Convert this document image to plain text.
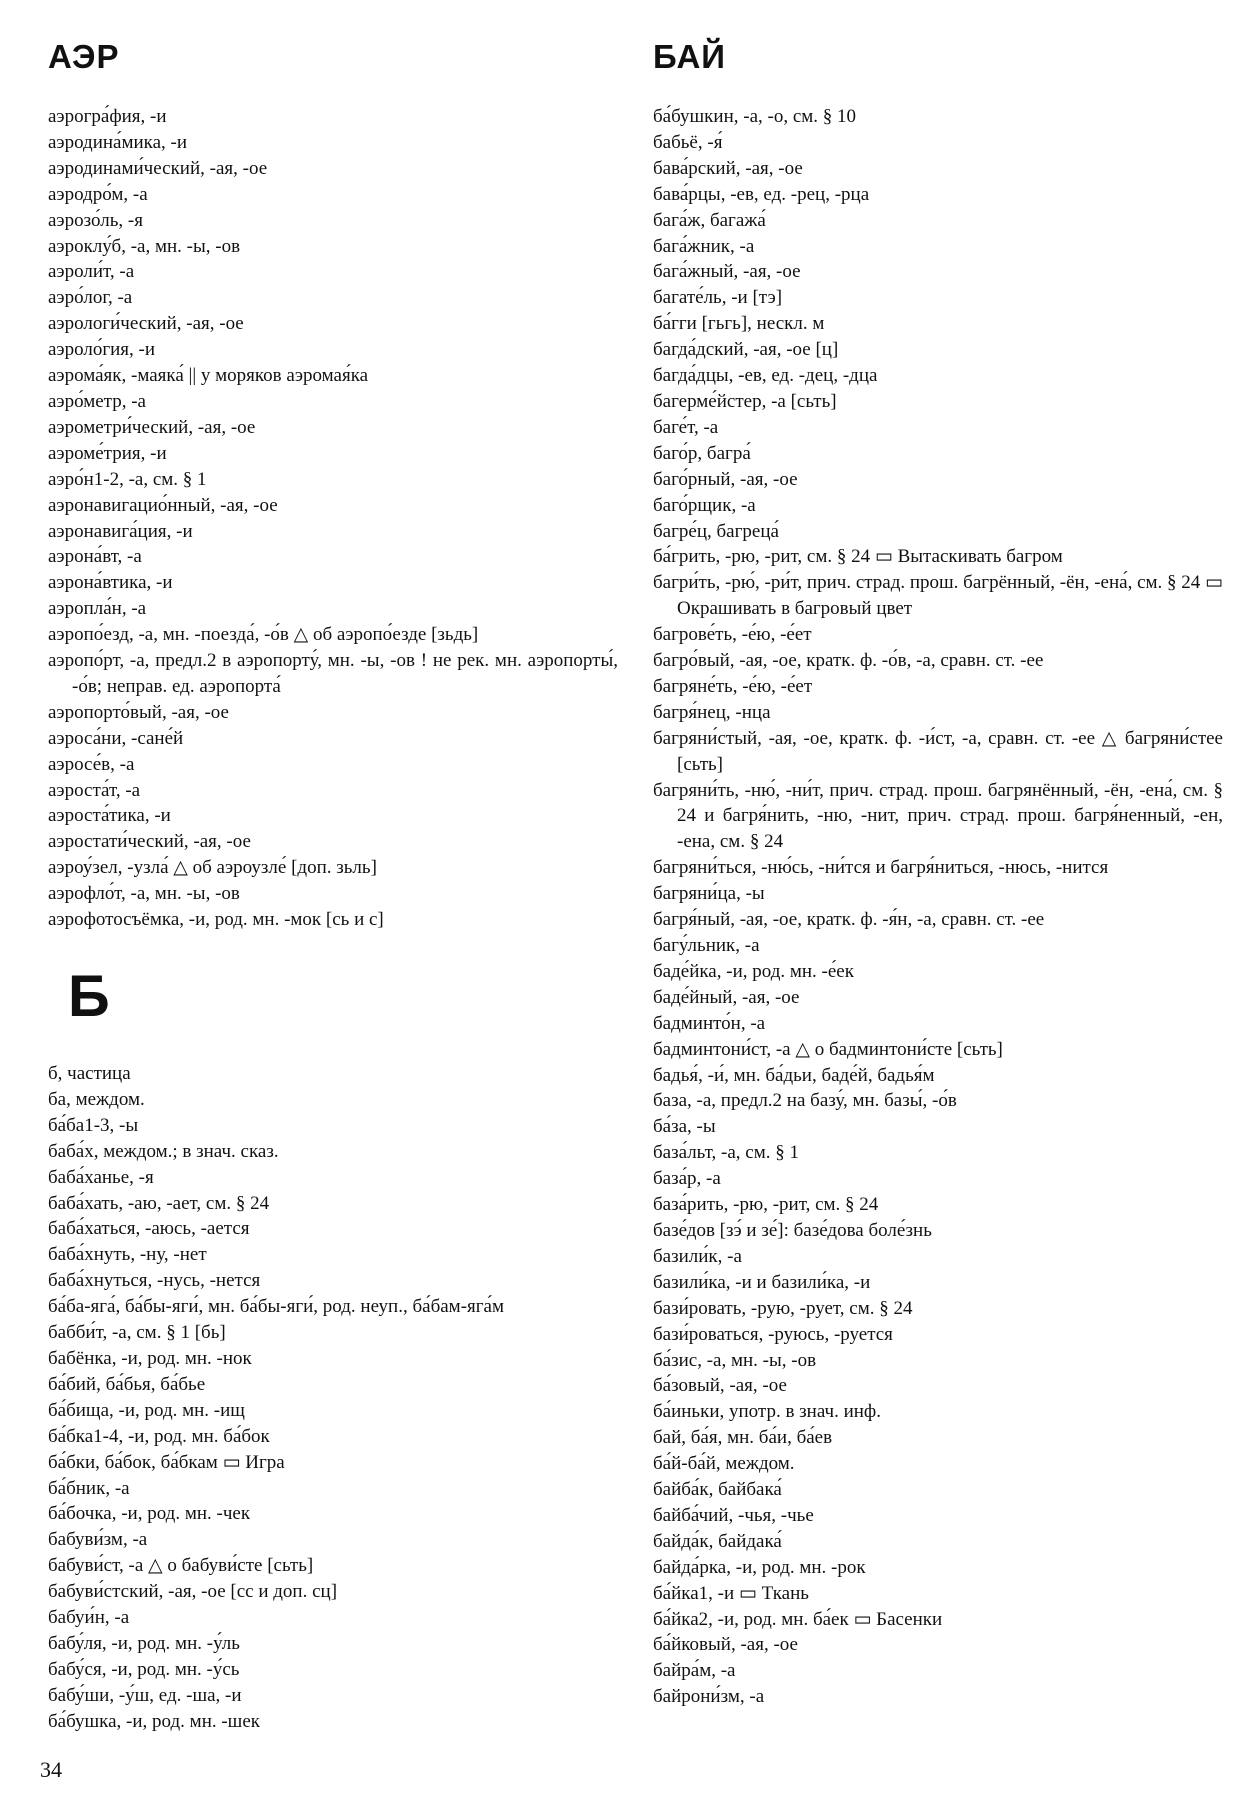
АЭР
аэрогра́фия, -и
аэродина́мика, -и
аэродинами́ческий, -ая, -ое
аэродро́м, -а
аэрозо́ль, -я
аэроклу́б, -а, мн. -ы, -ов
аэроли́т, -а
аэро́лог, -а
аэрологи́ческий, -ая, -ое
аэроло́гия, -и
аэрома́як, -маяка́ || у моряков аэромая́ка
аэро́метр, -а
аэрометри́ческий, -ая, -ое
аэроме́трия, -и
аэро́н1-2, -а, см. § 1
аэронавигацио́нный, -ая, -ое
аэронавига́ция, -и
аэрона́вт, -а
аэрона́втика, -и
аэропла́н, -а
аэропо́езд, -а, мн. -поезда́, -о́в △ об аэропо́езде [зьдь]
аэропо́рт, -а, предл.2 в аэропорту́, мн. -ы, -ов ! не рек. мн. аэропорты́, -о́в; неправ. ед. аэропорта́
аэропорто́вый, -ая, -ое
аэроса́ни, -сане́й
аэросе́в, -а
аэроста́т, -а
аэроста́тика, -и
аэростати́ческий, -ая, -ое
аэроу́зел, -узла́ △ об аэроузле́ [доп. зьль]
аэрофло́т, -а, мн. -ы, -ов
аэрофотосъёмка, -и, род. мн. -мок [сь и с]
Б
б, частица
ба, междом.
ба́ба1-3, -ы
баба́х, междом.; в знач. сказ.
баба́ханье, -я
баба́хать, -аю, -ает, см. § 24
баба́хаться, -аюсь, -ается
баба́хнуть, -ну, -нет
баба́хнуться, -нусь, -нется
ба́ба-яга́, ба́бы-яги́, мн. ба́бы-яги́, род. неуп., ба́бам-яга́м
бабби́т, -а, см. § 1 [бь]
бабёнка, -и, род. мн. -нок
ба́бий, ба́бья, ба́бье
ба́бища, -и, род. мн. -ищ
ба́бка1-4, -и, род. мн. ба́бок
ба́бки, ба́бок, ба́бкам ▭ Игра
ба́бник, -а
ба́бочка, -и, род. мн. -чек
бабуви́зм, -а
бабуви́ст, -а △ о бабуви́сте [сьть]
бабуви́стский, -ая, -ое [сс и доп. сц]
бабуи́н, -а
бабу́ля, -и, род. мн. -у́ль
бабу́ся, -и, род. мн. -у́сь
бабу́ши, -у́ш, ед. -ша, -и
ба́бушка, -и, род. мн. -шек
БАЙ
ба́бушкин, -а, -о, см. § 10
бабьё, -я́
бава́рский, -ая, -ое
бава́рцы, -ев, ед. -рец, -рца
бага́ж, багажа́
бага́жник, -а
бага́жный, -ая, -ое
багате́ль, -и [тэ]
ба́гги [гьгь], нескл. м
багда́дский, -ая, -ое [ц]
багда́дцы, -ев, ед. -дец, -дца
багерме́йстер, -а [сьть]
баге́т, -а
баго́р, багра́
баго́рный, -ая, -ое
баго́рщик, -а
багре́ц, багреца́
ба́грить, -рю, -рит, см. § 24 ▭ Вытаскивать багром
багри́ть, -рю́, -ри́т, прич. страд. прош. багрённый, -ён, -ена́, см. § 24 ▭ Окрашивать в багровый цвет
багрове́ть, -е́ю, -е́ет
багро́вый, -ая, -ое, кратк. ф. -о́в, -а, сравн. ст. -ее
багряне́ть, -е́ю, -е́ет
багря́нец, -нца
багряни́стый, -ая, -ое, кратк. ф. -и́ст, -а, сравн. ст. -ее △ багряни́стее [сьть]
багряни́ть, -ню́, -ни́т, прич. страд. прош. багрянённый, -ён, -ена́, см. § 24 и багря́нить, -ню, -нит, прич. страд. прош. багря́ненный, -ен, -ена, см. § 24
багряни́ться, -ню́сь, -ни́тся и багря́ниться, -нюсь, -нится
багряни́ца, -ы
багря́ный, -ая, -ое, кратк. ф. -я́н, -а, сравн. ст. -ее
багу́льник, -а
баде́йка, -и, род. мн. -е́ек
баде́йный, -ая, -ое
бадминто́н, -а
бадминтони́ст, -а △ о бадминтони́сте [сьть]
бадья́, -и́, мн. ба́дьи, баде́й, бадья́м
база, -а, предл.2 на базу́, мн. базы́, -о́в
ба́за, -ы
база́льт, -а, см. § 1
база́р, -а
база́рить, -рю, -рит, см. § 24
базе́дов [зэ́ и зе́]: базе́дова боле́знь
базили́к, -а
базили́ка, -и и базили́ка, -и
бази́ровать, -рую, -рует, см. § 24
бази́роваться, -руюсь, -руется
ба́зис, -а, мн. -ы, -ов
ба́зовый, -ая, -ое
ба́иньки, употр. в знач. инф.
бай, ба́я, мн. ба́и, ба́ев
ба́й-ба́й, междом.
байба́к, байбака́
байба́чий, -чья, -чье
байда́к, байдака́
байда́рка, -и, род. мн. -рок
ба́йка1, -и ▭ Ткань
ба́йка2, -и, род. мн. ба́ек ▭ Басенки
ба́йковый, -ая, -ое
байра́м, -а
байрони́зм, -а
34
